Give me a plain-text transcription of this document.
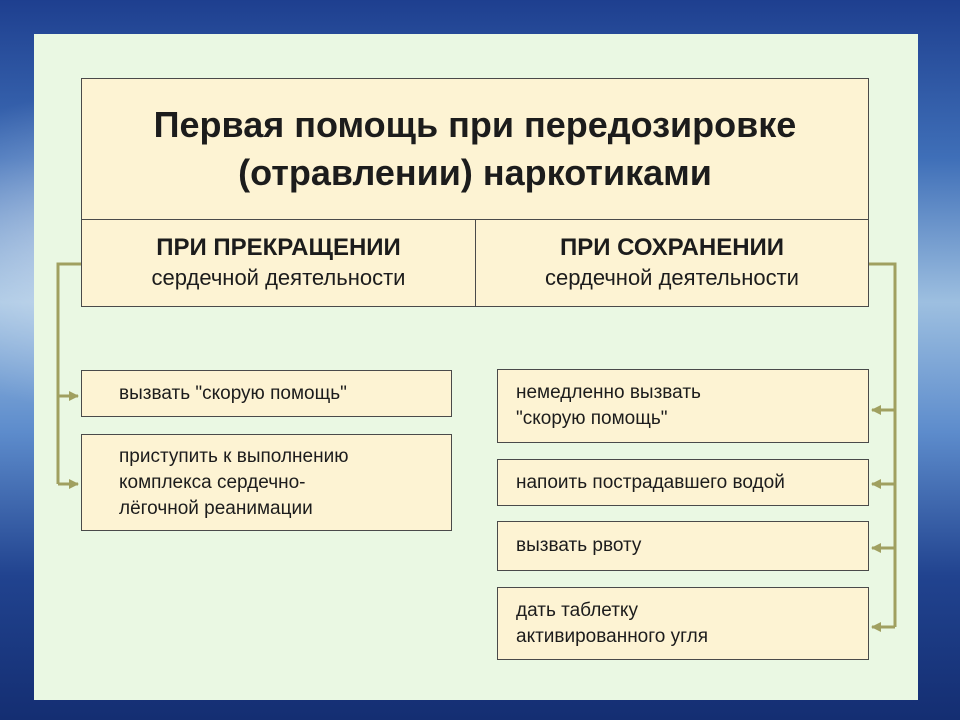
Первая помощь при передозировке
(отравлении) наркотиками
ПРИ ПРЕКРАЩЕНИИ
сердечной деятельности
ПРИ СОХРАНЕНИИ
сердечной деятельности
вызвать "скорую помощь"
приступить к выполнению
комплекса сердечно-
лёгочной реанимации
немедленно вызвать
"скорую помощь"
напоить пострадавшего водой
вызвать рвоту
дать таблетку
активированного угля
